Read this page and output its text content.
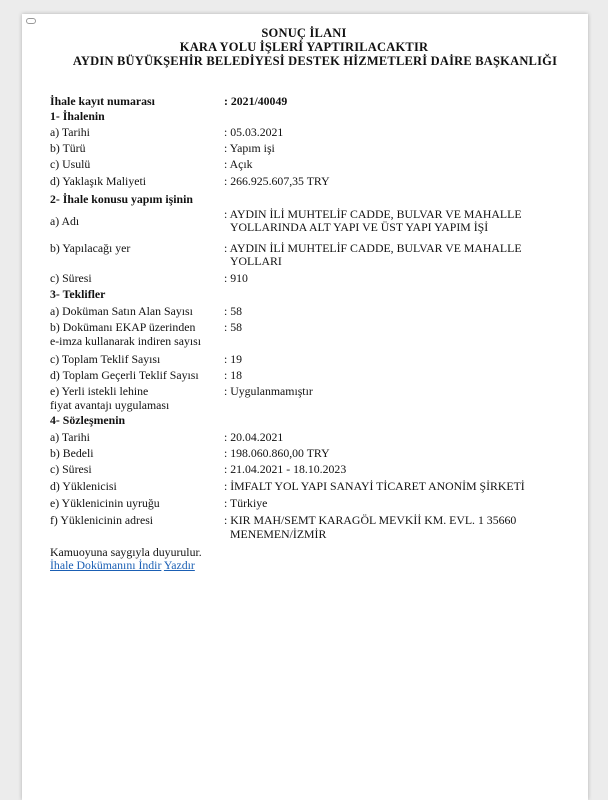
SONUÇ İLANI
KARA YOLU İŞLERİ YAPTIRILACAKTIR
AYDIN BÜYÜKŞEHİR BELEDİYESİ DESTEK HİZMETLERİ DAİRE BAŞKANLIĞI
İhale kayıt numarası	: 2021/40049
1- İhalenin
a) Tarihi	: 05.03.2021
b) Türü	: Yapım işi
c) Usulü	: Açık
d) Yaklaşık Maliyeti	: 266.925.607,35 TRY
2- İhale konusu yapım işinin
a) Adı	: AYDIN İLİ MUHTELİF CADDE, BULVAR VE MAHALLE
YOLLARINDA ALT YAPI VE ÜST YAPI YAPIM İŞİ
b) Yapılacağı yer	: AYDIN İLİ MUHTELİF CADDE, BULVAR VE MAHALLE
YOLLARI
c) Süresi	: 910
3- Teklifler
a) Doküman Satın Alan Sayısı	: 58
b) Dokümanı EKAP üzerinden
e-imza kullanarak indiren sayısı
: 58
c) Toplam Teklif Sayısı	: 19
d) Toplam Geçerli Teklif Sayısı : 18
e) Yerli istekli lehine
fiyat avantajı uygulaması
: Uygulanmamıştır
4- Sözleşmenin
a) Tarihi	: 20.04.2021
b) Bedeli	: 198.060.860,00 TRY
c) Süresi	: 21.04.2021 - 18.10.2023
d) Yüklenicisi	: İMFALT YOL YAPI SANAYİ TİCARET ANONİM ŞİRKETİ
e) Yüklenicinin uyruğu	: Türkiye
f) Yüklenicinin adresi	: KIR MAH/SEMT KARAGÖL MEVKİİ KM. EVL. 1 35660
MENEMEN/İZMİR
Kamuoyuna saygıyla duyurulur.
İhale Dokümanını İndir Yazdır
